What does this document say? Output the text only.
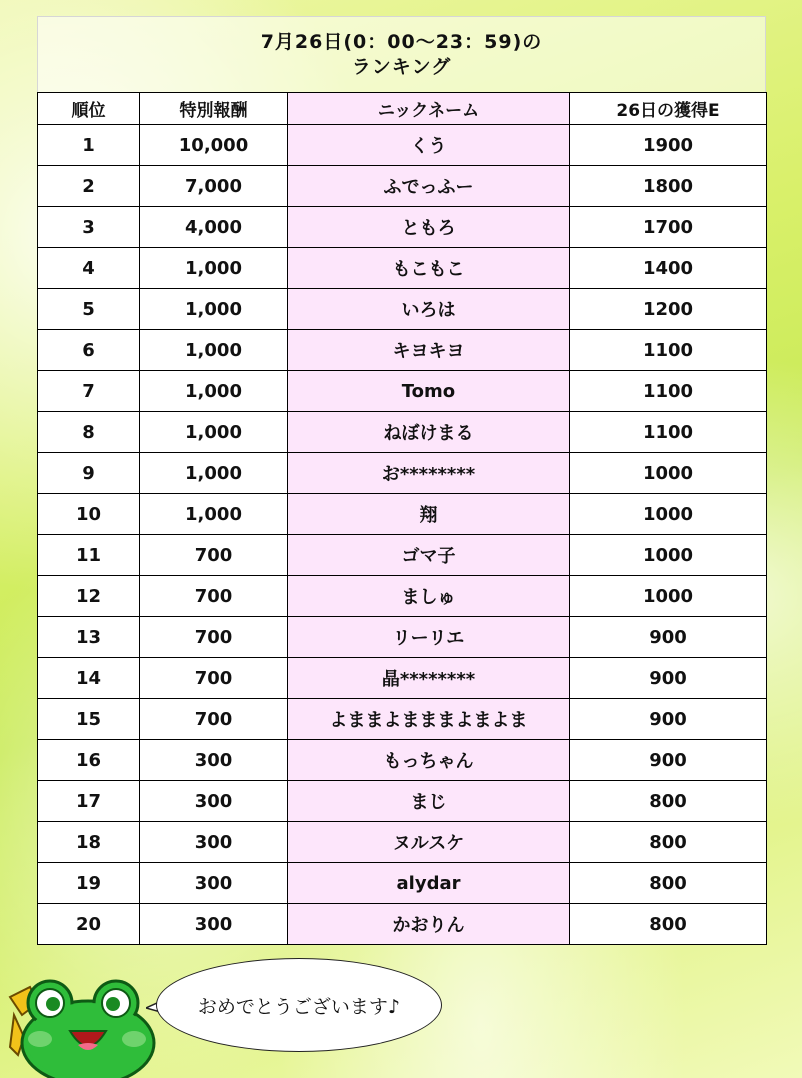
7月26日(0：00～23：59)の
ランキング
順位	特別報酬	ニックネーム	26日の獲得E
1	10,000	くう	1900
2	7,000	ふでっふー	1800
3	4,000	ともろ	1700
4	1,000	もこもこ	1400
5	1,000	いろは	1200
6	1,000	キヨキヨ	1100
7	1,000	Tomo	1100
8	1,000	ねぼけまる	1100
9	1,000	お********	1000
10	1,000	翔	1000
11	700	ゴマ子	1000
12	700	ましゅ	1000
13	700	リーリエ	900
14	700	晶********	900
15	700	よままよまままよまよま	900
16	300	もっちゃん	900
17	300	まじ	800
18	300	ヌルスケ	800
19	300	alydar	800
20	300	かおりん	800
おめでとうございます♪
